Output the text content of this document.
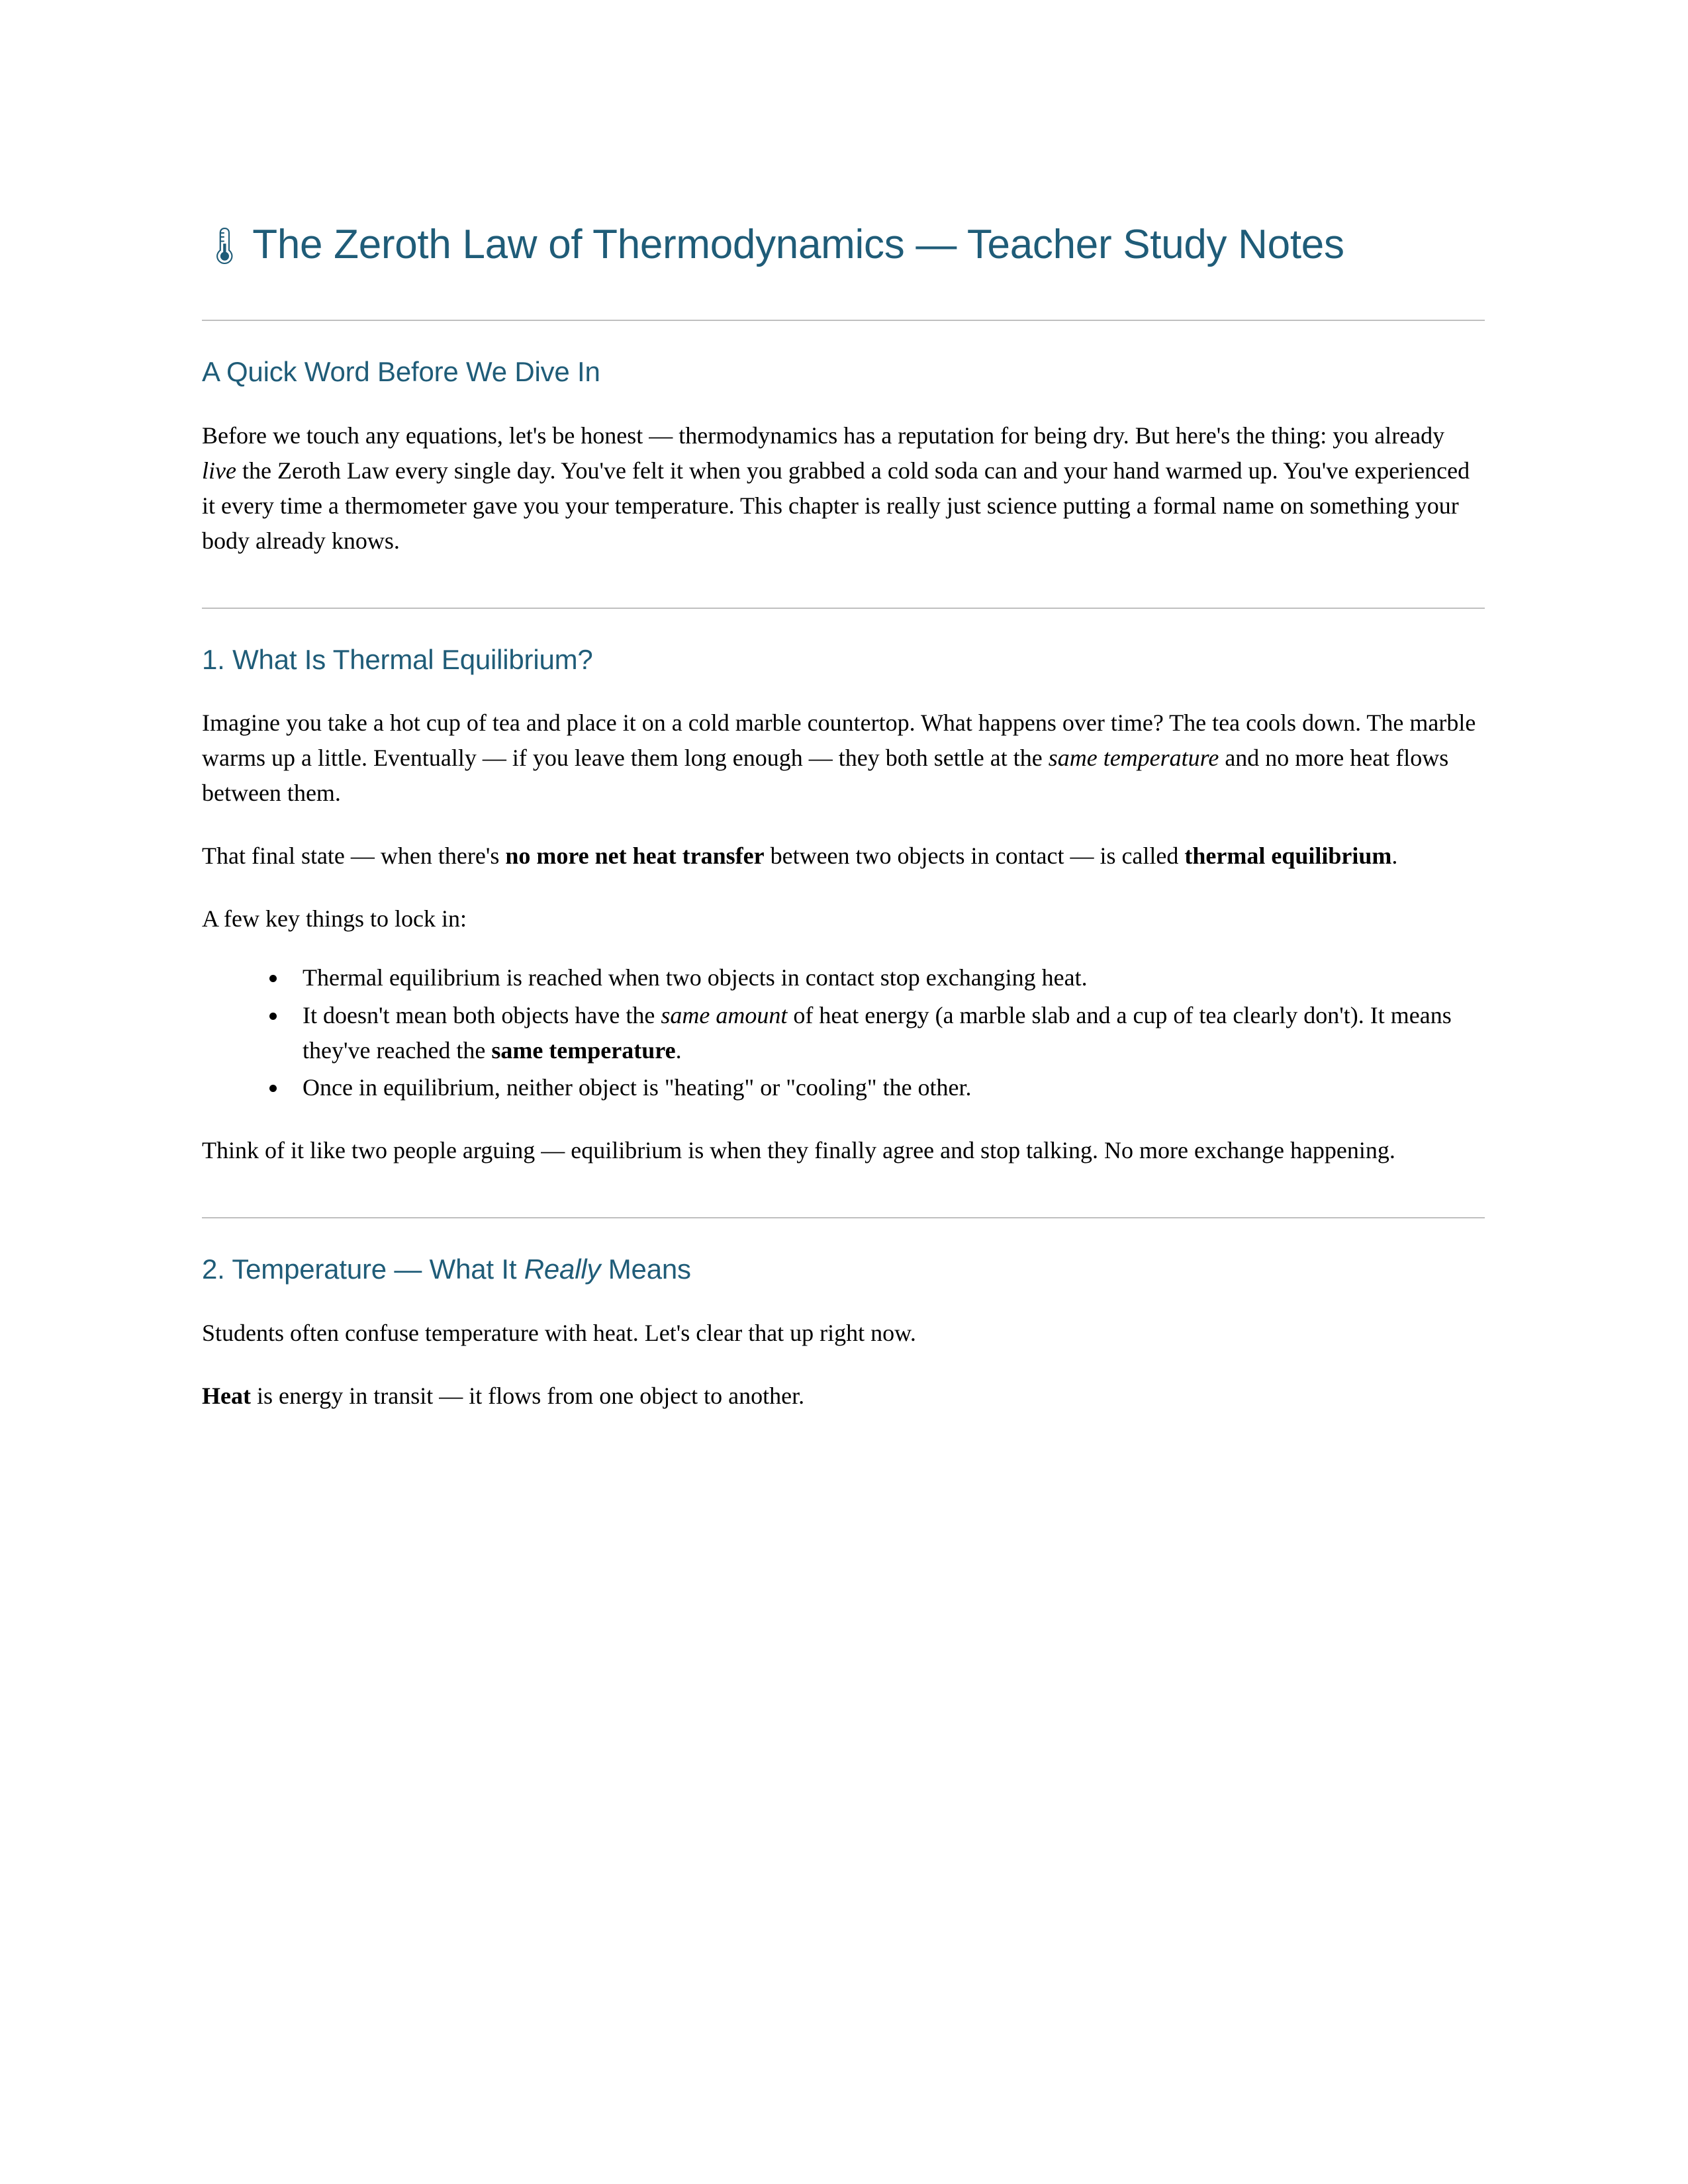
🌡 The Zeroth Law of Thermodynamics — Teacher Study Notes
A Quick Word Before We Dive In

Before we touch any equations, let's be honest — thermodynamics has a reputation for being dry. But here's the thing: you already live the Zeroth Law every single day. You've felt it when you grabbed a cold soda can and your hand warmed up. You've experienced it every time a thermometer gave you your temperature. This chapter is really just science putting a formal name on something your body already knows.

1. What Is Thermal Equilibrium?

Imagine you take a hot cup of tea and place it on a cold marble countertop. What happens over time? The tea cools down. The marble warms up a little. Eventually — if you leave them long enough — they both settle at the same temperature and no more heat flows between them.

That final state — when there's no more net heat transfer between two objects in contact — is called thermal equilibrium.

A few key things to lock in:

• Thermal equilibrium is reached when two objects in contact stop exchanging heat.
• It doesn't mean both objects have the same amount of heat energy (a marble slab and a cup of tea clearly don't). It means they've reached the same temperature.
• Once in equilibrium, neither object is "heating" or "cooling" the other.

Think of it like two people arguing — equilibrium is when they finally agree and stop talking. No more exchange happening.

2. Temperature — What It Really Means

Students often confuse temperature with heat. Let's clear that up right now.

Heat is energy in transit — it flows from one object to another.
